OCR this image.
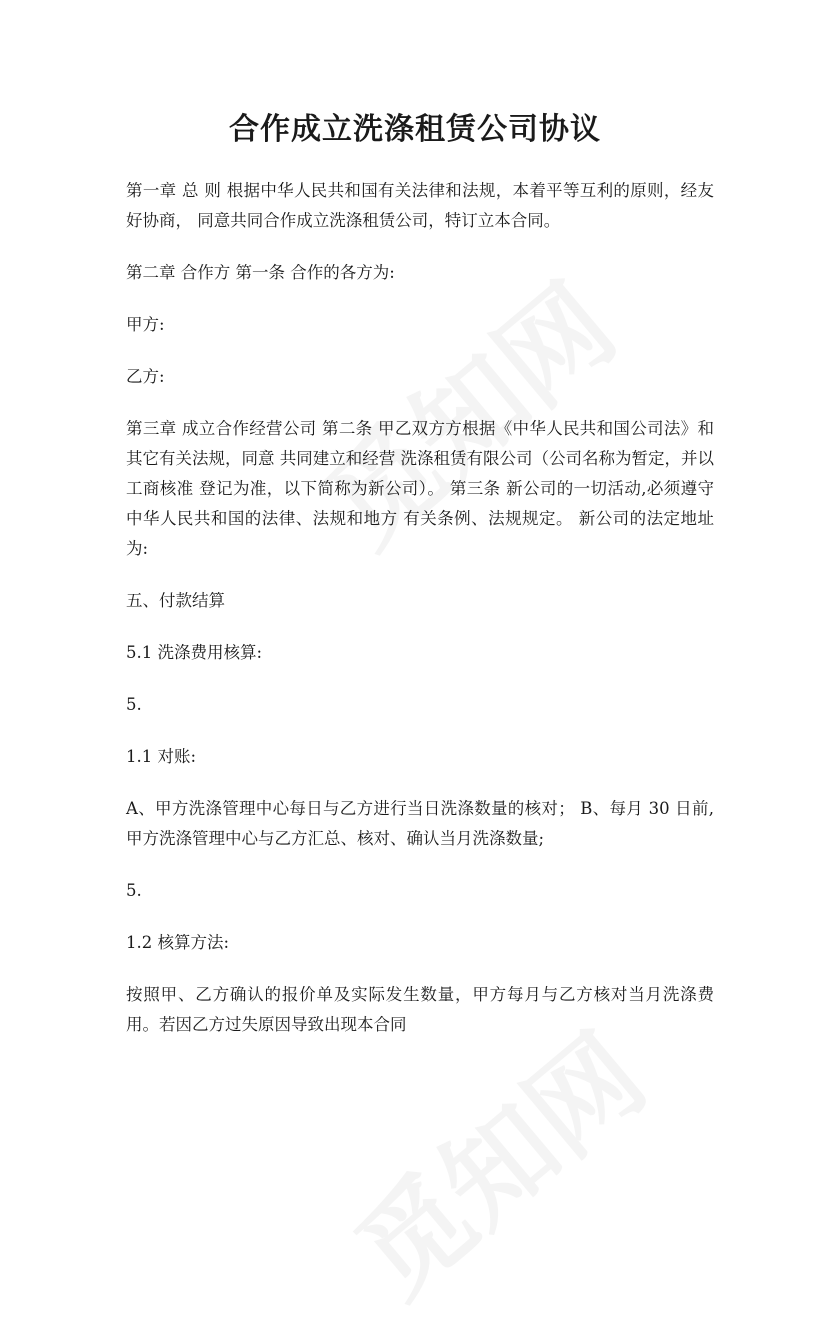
合作成立洗涤租赁公司协议

第一章 总 则 根据中华人民共和国有关法律和法规，本着平等互利的原则，经友好协商， 同意共同合作成立洗涤租赁公司，特订立本合同。

第二章 合作方 第一条 合作的各方为:

甲方:

乙方:

第三章 成立合作经营公司 第二条 甲乙双方方根据《中华人民共和国公司法》和其它有关法规，同意 共同建立和经营 洗涤租赁有限公司（公司名称为暂定，并以工商核准 登记为准，以下简称为新公司）。 第三条 新公司的一切活动,必须遵守中华人民共和国的法律、法规和地方 有关条例、法规规定。 新公司的法定地址为:

五、付款结算

5.1 洗涤费用核算:

5.

1.1 对账:

A、甲方洗涤管理中心每日与乙方进行当日洗涤数量的核对； B、每月 30 日前,甲方洗涤管理中心与乙方汇总、核对、确认当月洗涤数量;

5.

1.2 核算方法:

按照甲、乙方确认的报价单及实际发生数量，甲方每月与乙方核对当月洗涤费用。若因乙方过失原因导致出现本合同
